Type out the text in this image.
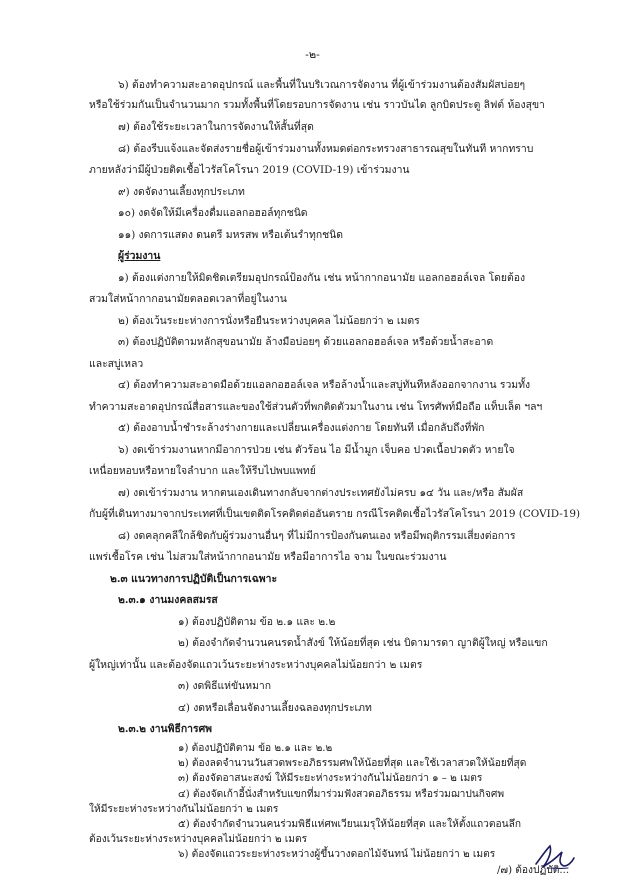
-๒-
๖) ต้องทำความสะอาดอุปกรณ์ และพื้นที่ในบริเวณการจัดงาน ที่ผู้เข้าร่วมงานต้องสัมผัสบ่อยๆ
หรือใช้ร่วมกันเป็นจำนวนมาก รวมทั้งพื้นที่โดยรอบการจัดงาน เช่น ราวบันได ลูกบิดประตู ลิฟต์ ห้องสุขา
๗) ต้องใช้ระยะเวลาในการจัดงานให้สั้นที่สุด
๘) ต้องรีบแจ้งและจัดส่งรายชื่อผู้เข้าร่วมงานทั้งหมดต่อกระทรวงสาธารณสุขในทันที หากทราบ
ภายหลังว่ามีผู้ป่วยติดเชื้อไวรัสโคโรนา 2019 (COVID-19) เข้าร่วมงาน
๙) งดจัดงานเลี้ยงทุกประเภท
๑๐) งดจัดให้มีเครื่องดื่มแอลกอฮอล์ทุกชนิด
๑๑) งดการแสดง ดนตรี มหรสพ หรือเต้นรำทุกชนิด
ผู้ร่วมงาน
๑) ต้องแต่งกายให้มิดชิดเตรียมอุปกรณ์ป้องกัน เช่น หน้ากากอนามัย แอลกอฮอล์เจล โดยต้อง
สวมใส่หน้ากากอนามัยตลอดเวลาที่อยู่ในงาน
๒) ต้องเว้นระยะห่างการนั่งหรือยืนระหว่างบุคคล ไม่น้อยกว่า ๒ เมตร
๓) ต้องปฏิบัติตามหลักสุขอนามัย ล้างมือบ่อยๆ ด้วยแอลกอฮอล์เจล หรือด้วยน้ำสะอาด
และสบู่เหลว
๔) ต้องทำความสะอาดมือด้วยแอลกอฮอล์เจล หรือล้างน้ำและสบู่ทันทีหลังออกจากงาน รวมทั้ง
ทำความสะอาดอุปกรณ์สื่อสารและของใช้ส่วนตัวที่พกติดตัวมาในงาน เช่น โทรศัพท์มือถือ แท็บเล็ต ฯลฯ
๕) ต้องอาบน้ำชำระล้างร่างกายและเปลี่ยนเครื่องแต่งกาย โดยทันที เมื่อกลับถึงที่พัก
๖) งดเข้าร่วมงานหากมีอาการป่วย เช่น ตัวร้อน ไอ มีน้ำมูก เจ็บคอ ปวดเนื้อปวดตัว หายใจ
เหนื่อยหอบหรือหายใจลำบาก และให้รีบไปพบแพทย์
๗) งดเข้าร่วมงาน หากตนเองเดินทางกลับจากต่างประเทศยังไม่ครบ ๑๔ วัน และ/หรือ สัมผัส
กับผู้ที่เดินทางมาจากประเทศที่เป็นเขตติดโรคติดต่ออันตราย กรณีโรคติดเชื้อไวรัสโคโรนา 2019 (COVID-19)
๘) งดคลุกคลีใกล้ชิดกับผู้ร่วมงานอื่นๆ ที่ไม่มีการป้องกันตนเอง หรือมีพฤติกรรมเสี่ยงต่อการ
แพร่เชื้อโรค เช่น ไม่สวมใส่หน้ากากอนามัย หรือมีอาการไอ จาม ในขณะร่วมงาน
๒.๓ แนวทางการปฏิบัติเป็นการเฉพาะ
๒.๓.๑ งานมงคลสมรส
๑) ต้องปฏิบัติตาม ข้อ ๒.๑ และ ๒.๒
๒) ต้องจำกัดจำนวนคนรดน้ำสังข์ ให้น้อยที่สุด เช่น บิดามารดา ญาติผู้ใหญ่ หรือแขก
ผู้ใหญ่เท่านั้น และต้องจัดแถวเว้นระยะห่างระหว่างบุคคลไม่น้อยกว่า ๒ เมตร
๓) งดพิธีแห่ขันหมาก
๔) งดหรือเลื่อนจัดงานเลี้ยงฉลองทุกประเภท
๒.๓.๒ งานพิธีการศพ
๑) ต้องปฏิบัติตาม ข้อ ๒.๑ และ ๒.๒
๒) ต้องลดจำนวนวันสวดพระอภิธรรมศพให้น้อยที่สุด และใช้เวลาสวดให้น้อยที่สุด
๓) ต้องจัดอาสนะสงฆ์ ให้มีระยะห่างระหว่างกันไม่น้อยกว่า ๑ – ๒ เมตร
๔) ต้องจัดเก้าอี้นั่งสำหรับแขกที่มาร่วมฟังสวดอภิธรรม หรือร่วมฌาปนกิจศพ
ให้มีระยะห่างระหว่างกันไม่น้อยกว่า ๒ เมตร
๕) ต้องจำกัดจำนวนคนร่วมพิธีแห่ศพเวียนเมรุให้น้อยที่สุด และให้ตั้งแถวตอนลึก
ต้องเว้นระยะห่างระหว่างบุคคลไม่น้อยกว่า ๒ เมตร
๖) ต้องจัดแถวระยะห่างระหว่างผู้ขึ้นวางดอกไม้จันทน์ ไม่น้อยกว่า ๒ เมตร
/๗) ต้องปฏิบัติ...
